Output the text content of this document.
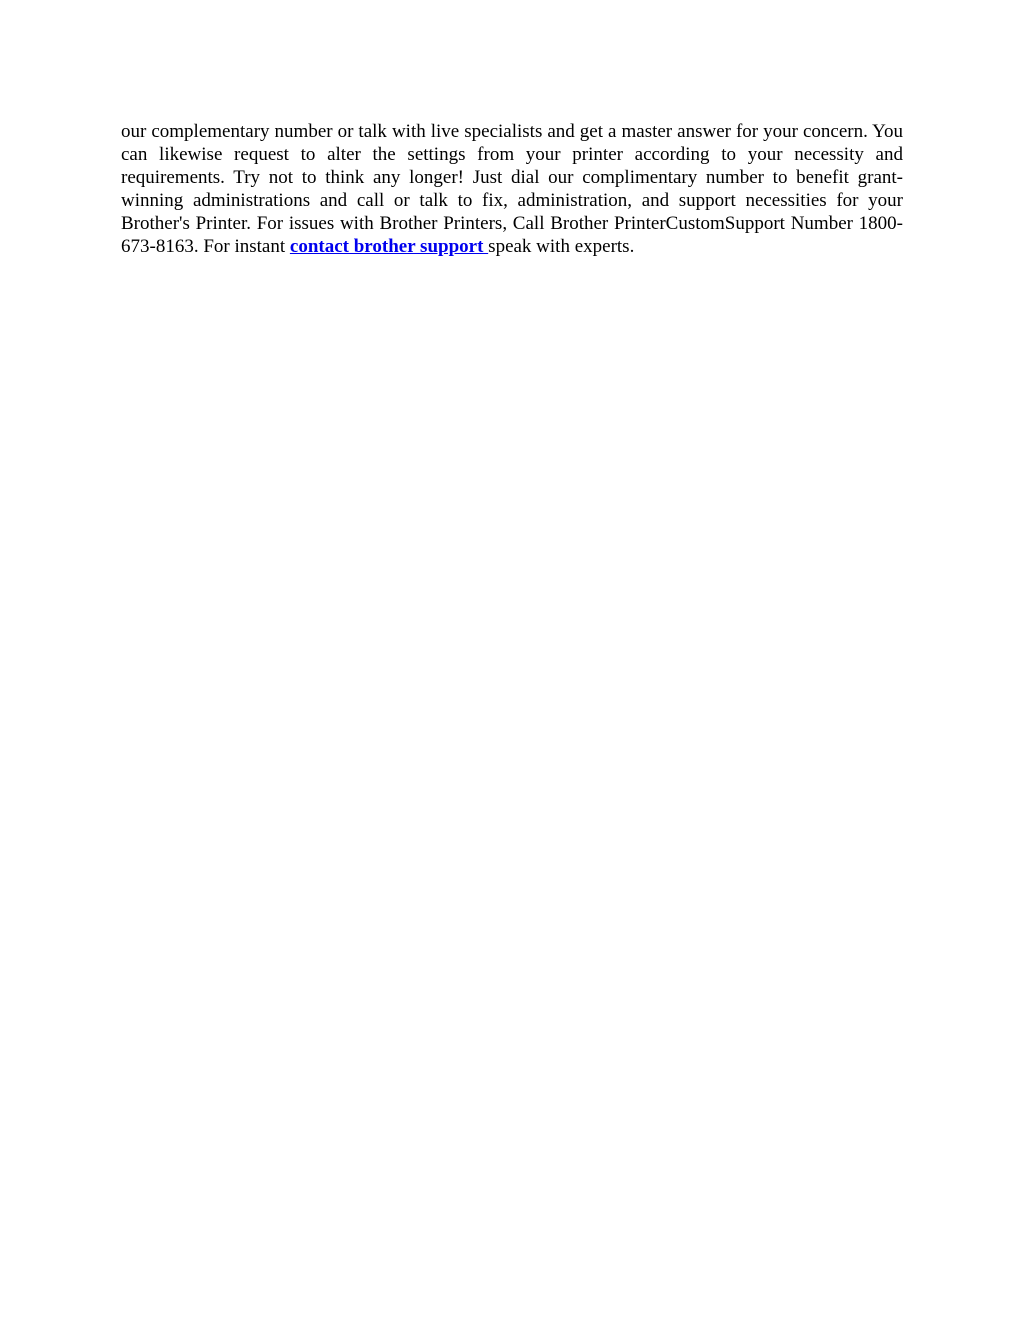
our complementary number or talk with live specialists and get a master answer for your concern. You can likewise request to alter the settings from your printer according to your necessity and requirements. Try not to think any longer! Just dial our complimentary number to benefit grant-winning administrations and call or talk to fix, administration, and support necessities for your Brother's Printer. For issues with Brother Printers, Call Brother PrinterCustomSupport Number 1800-673-8163. For instant contact brother support speak with experts.
